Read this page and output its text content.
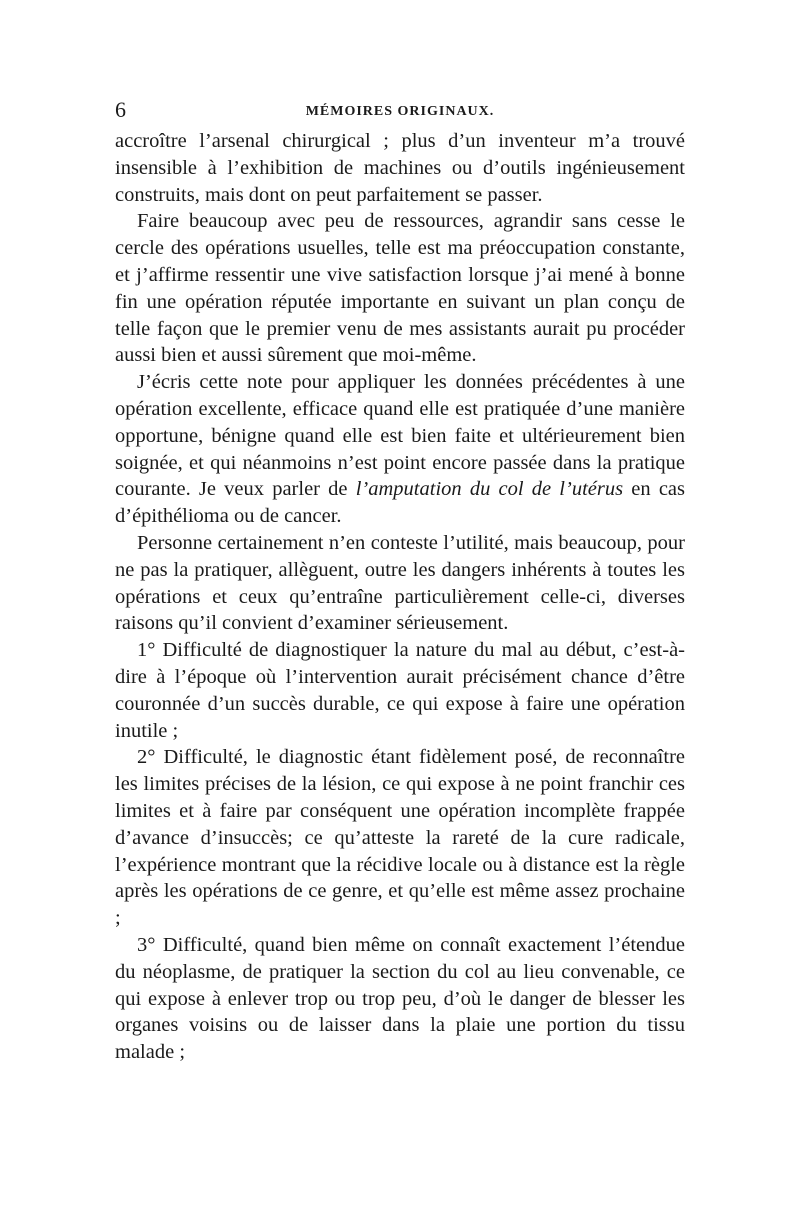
6	MÉMOIRES ORIGINAUX.

accroître l’arsenal chirurgical ; plus d’un inventeur m’a trouvé insensible à l’exhibition de machines ou d’outils ingénieusement construits, mais dont on peut parfaitement se passer.

Faire beaucoup avec peu de ressources, agrandir sans cesse le cercle des opérations usuelles, telle est ma préoccupation constante, et j’affirme ressentir une vive satisfaction lorsque j’ai mené à bonne fin une opération réputée importante en suivant un plan conçu de telle façon que le premier venu de mes assistants aurait pu procéder aussi bien et aussi sûrement que moi-même.

J’écris cette note pour appliquer les données précédentes à une opération excellente, efficace quand elle est pratiquée d’une manière opportune, bénigne quand elle est bien faite et ultérieurement bien soignée, et qui néanmoins n’est point encore passée dans la pratique courante. Je veux parler de l’amputation du col de l’utérus en cas d’épithélioma ou de cancer.

Personne certainement n’en conteste l’utilité, mais beaucoup, pour ne pas la pratiquer, allèguent, outre les dangers inhérents à toutes les opérations et ceux qu’entraîne particulièrement celle-ci, diverses raisons qu’il convient d’examiner sérieusement.

1° Difficulté de diagnostiquer la nature du mal au début, c’est-à-dire à l’époque où l’intervention aurait précisément chance d’être couronnée d’un succès durable, ce qui expose à faire une opération inutile ;

2° Difficulté, le diagnostic étant fidèlement posé, de reconnaître les limites précises de la lésion, ce qui expose à ne point franchir ces limites et à faire par conséquent une opération incomplète frappée d’avance d’insuccès; ce qu’atteste la rareté de la cure radicale, l’expérience montrant que la récidive locale ou à distance est la règle après les opérations de ce genre, et qu’elle est même assez prochaine ;

3° Difficulté, quand bien même on connaît exactement l’étendue du néoplasme, de pratiquer la section du col au lieu convenable, ce qui expose à enlever trop ou trop peu, d’où le danger de blesser les organes voisins ou de laisser dans la plaie une portion du tissu malade ;
